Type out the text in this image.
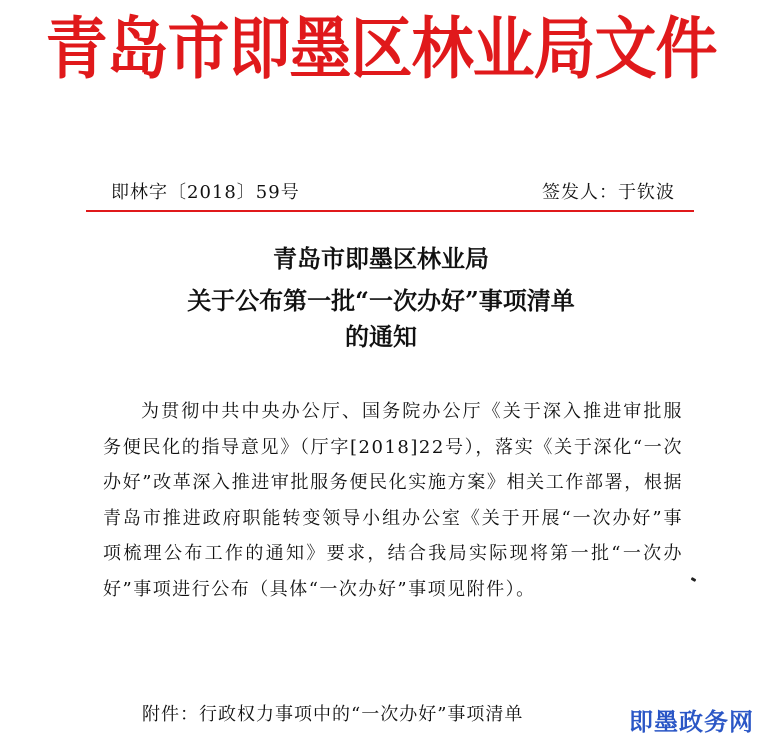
青岛市即墨区林业局文件
即林字〔2018〕59号	签发人：于钦波
青岛市即墨区林业局
关于公布第一批“一次办好”事项清单
的通知
为贯彻中共中央办公厅、国务院办公厅《关于深入推进审批服务便民化的指导意见》（厅字[2018]22号），落实《关于深化“一次办好”改革深入推进审批服务便民化实施方案》相关工作部署，根据青岛市推进政府职能转变领导小组办公室《关于开展“一次办好”事项梳理公布工作的通知》要求，结合我局实际现将第一批“一次办好”事项进行公布（具体“一次办好”事项见附件）。
附件：行政权力事项中的“一次办好”事项清单	即墨政务网
